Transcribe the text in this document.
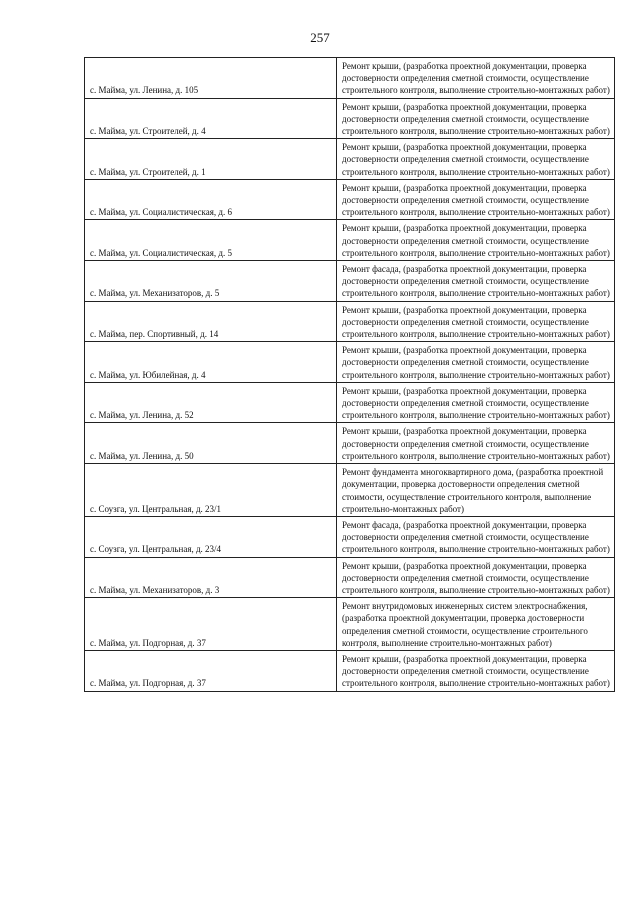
257
с. Майма, ул. Ленина, д. 105	Ремонт крыши, (разработка проектной документации, проверка достоверности определения сметной стоимости, осуществление строительного контроля, выполнение строительно-монтажных работ)
с. Майма, ул. Строителей, д. 4	Ремонт крыши, (разработка проектной документации, проверка достоверности определения сметной стоимости, осуществление строительного контроля, выполнение строительно-монтажных работ)
с. Майма, ул. Строителей, д. 1	Ремонт крыши, (разработка проектной документации, проверка достоверности определения сметной стоимости, осуществление строительного контроля, выполнение строительно-монтажных работ)
с. Майма, ул. Социалистическая, д. 6	Ремонт крыши, (разработка проектной документации, проверка достоверности определения сметной стоимости, осуществление строительного контроля, выполнение строительно-монтажных работ)
с. Майма, ул. Социалистическая, д. 5	Ремонт крыши, (разработка проектной документации, проверка достоверности определения сметной стоимости, осуществление строительного контроля, выполнение строительно-монтажных работ)
с. Майма, ул. Механизаторов, д. 5	Ремонт фасада, (разработка проектной документации, проверка достоверности определения сметной стоимости, осуществление строительного контроля, выполнение строительно-монтажных работ)
с. Майма, пер. Спортивный, д. 14	Ремонт крыши, (разработка проектной документации, проверка достоверности определения сметной стоимости, осуществление строительного контроля, выполнение строительно-монтажных работ)
с. Майма, ул. Юбилейная, д. 4	Ремонт крыши, (разработка проектной документации, проверка достоверности определения сметной стоимости, осуществление строительного контроля, выполнение строительно-монтажных работ)
с. Майма, ул. Ленина, д. 52	Ремонт крыши, (разработка проектной документации, проверка достоверности определения сметной стоимости, осуществление строительного контроля, выполнение строительно-монтажных работ)
с. Майма, ул. Ленина, д. 50	Ремонт крыши, (разработка проектной документации, проверка достоверности определения сметной стоимости, осуществление строительного контроля, выполнение строительно-монтажных работ)
с. Соузга, ул. Центральная, д. 23/1	Ремонт фундамента многоквартирного дома, (разработка проектной документации, проверка достоверности определения сметной стоимости, осуществление строительного контроля, выполнение строительно-монтажных работ)
с. Соузга, ул. Центральная, д. 23/4	Ремонт фасада, (разработка проектной документации, проверка достоверности определения сметной стоимости, осуществление строительного контроля, выполнение строительно-монтажных работ)
с. Майма, ул. Механизаторов, д. 3	Ремонт крыши, (разработка проектной документации, проверка достоверности определения сметной стоимости, осуществление строительного контроля, выполнение строительно-монтажных работ)
с. Майма, ул. Подгорная, д. 37	Ремонт внутридомовых инженерных систем электроснабжения, (разработка проектной документации, проверка достоверности определения сметной стоимости, осуществление строительного контроля, выполнение строительно-монтажных работ)
с. Майма, ул. Подгорная, д. 37	Ремонт крыши, (разработка проектной документации, проверка достоверности определения сметной стоимости, осуществление строительного контроля, выполнение строительно-монтажных работ)
